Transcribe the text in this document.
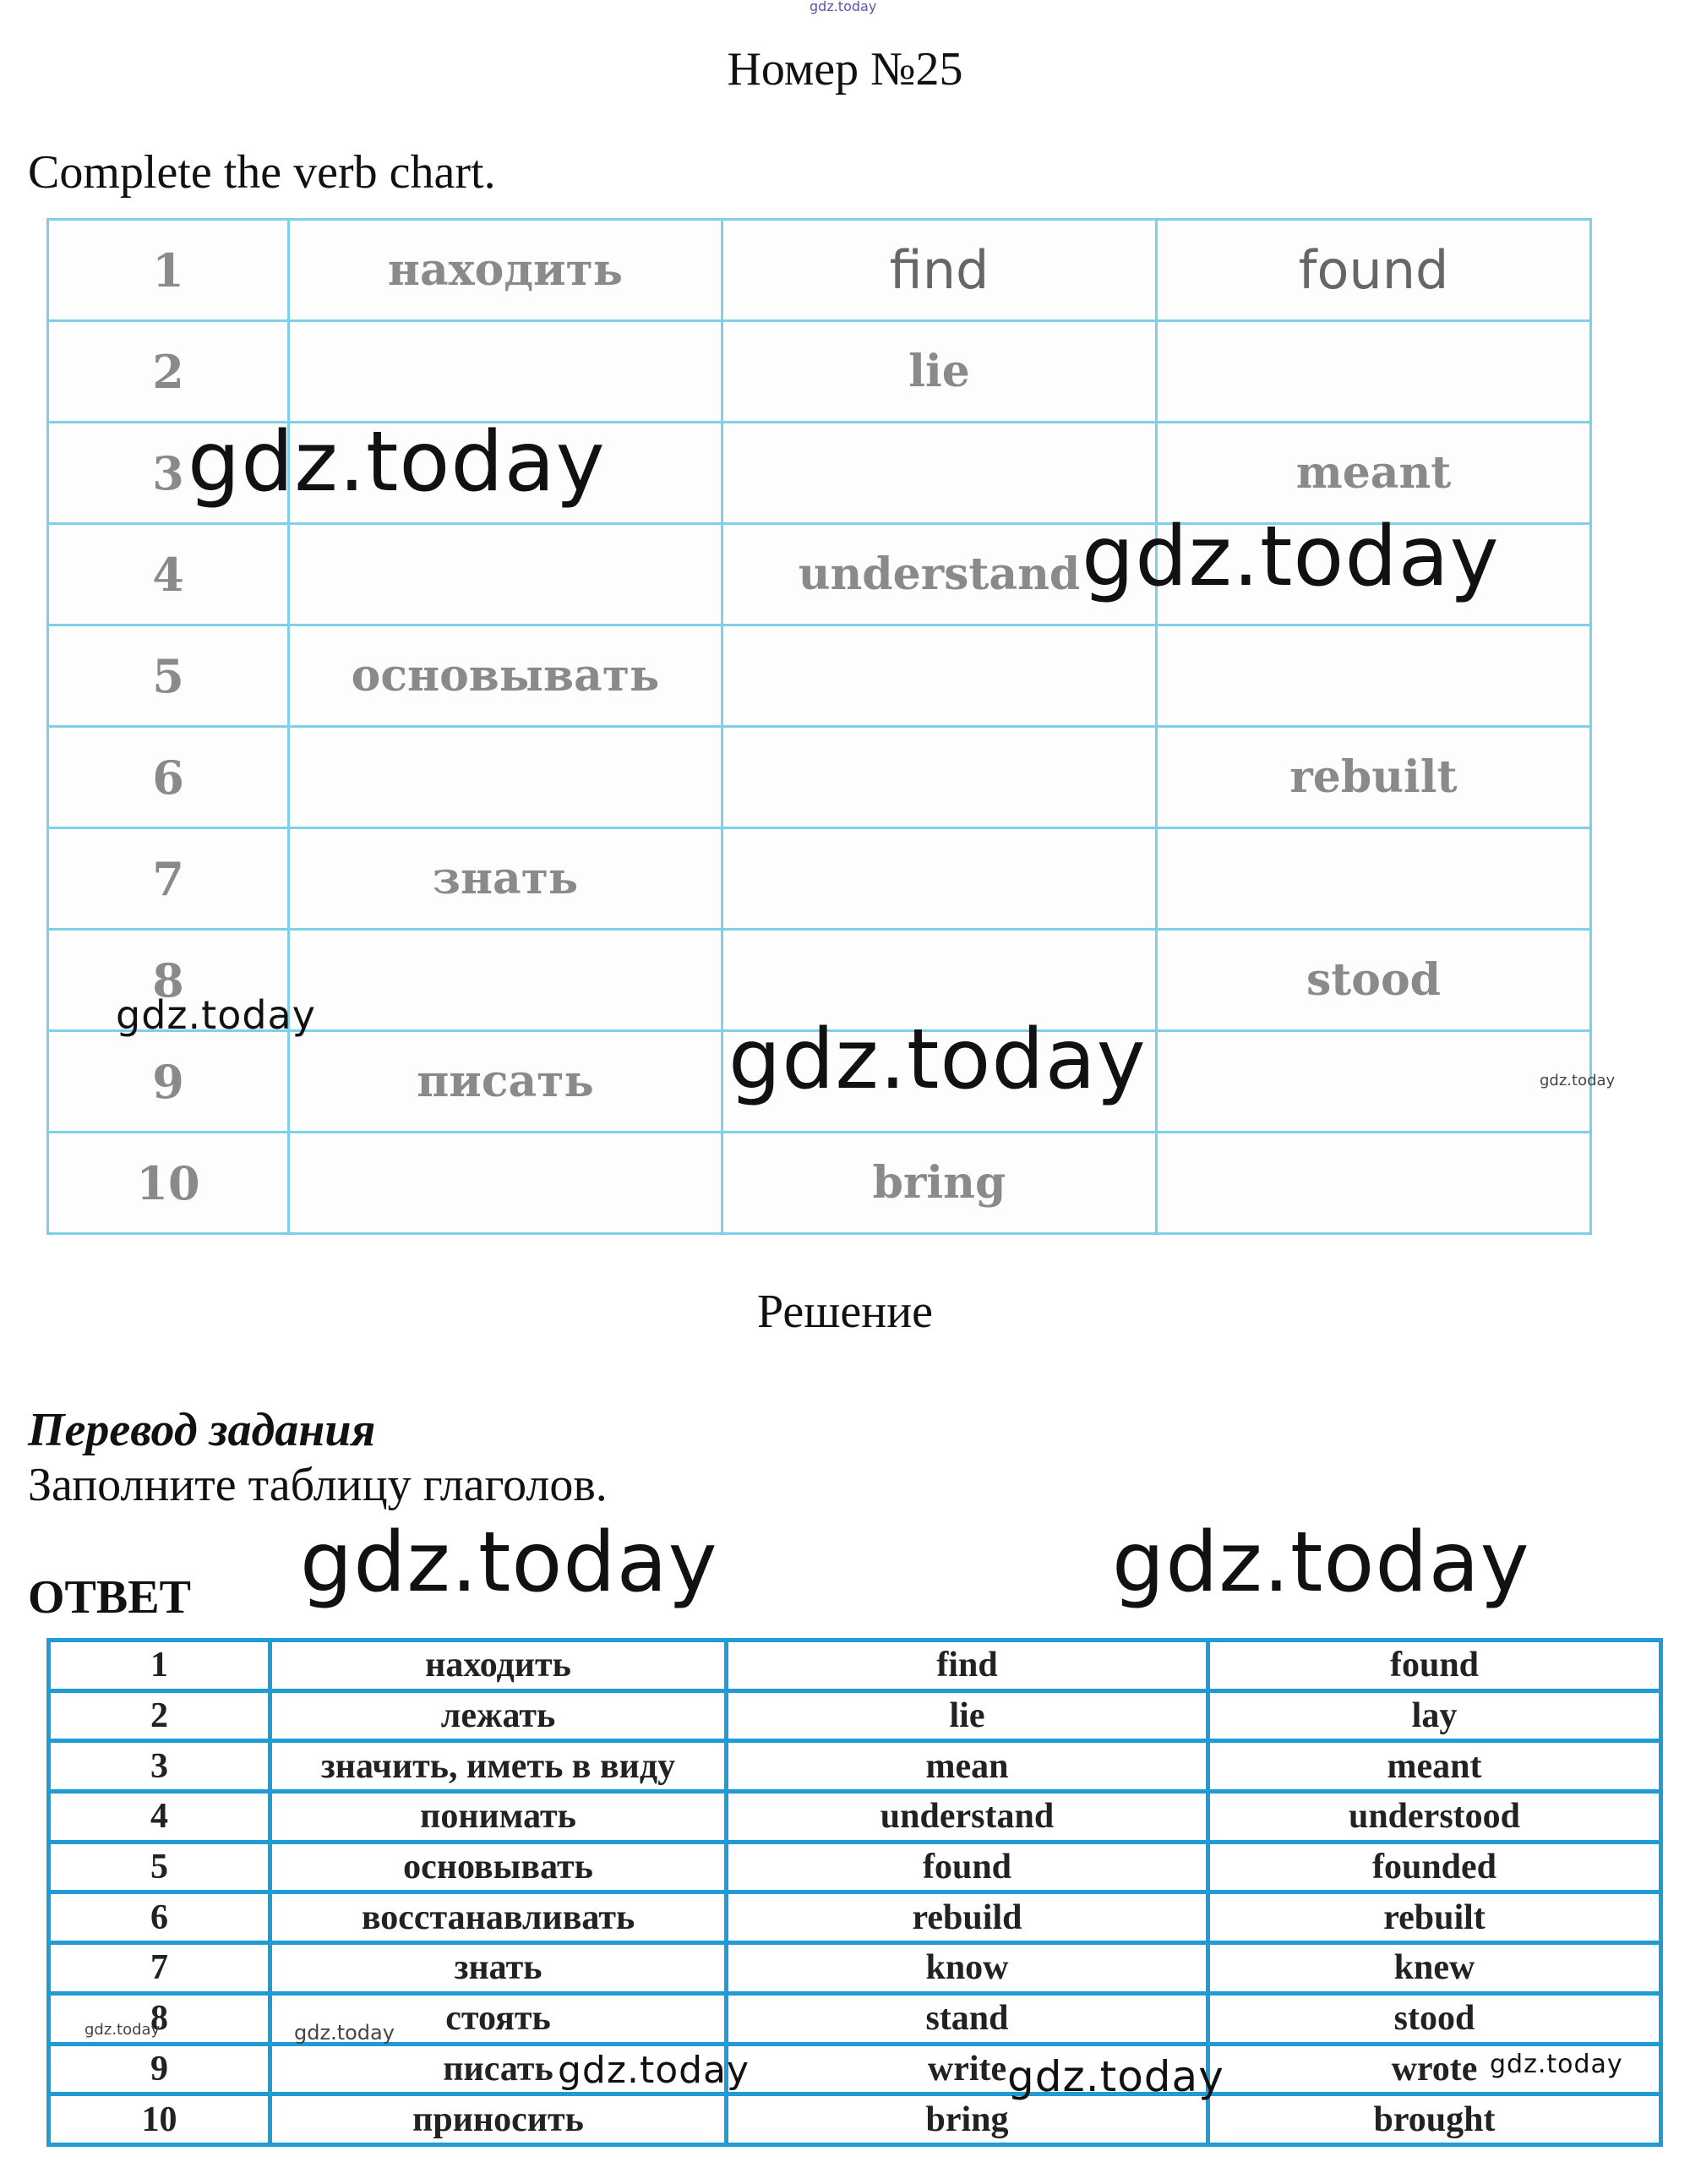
Номер №25
Complete the verb chart.
1	находить	find	found
2		lie	
3			meant
4		understand	
5	основывать		
6			rebuilt
7	знать		
8			stood
9	писать		
10		bring	
Решение
Перевод задания
Заполните таблицу глаголов.
ОТВЕТ
1	находить	find	found
2	лежать	lie	lay
3	значить, иметь в виду	mean	meant
4	понимать	understand	understood
5	основывать	found	founded
6	восстанавливать	rebuild	rebuilt
7	знать	know	knew
8	стоять	stand	stood
9	писать	write	wrote
10	приносить	bring	brought
gdz.today
gdz.today
gdz.today
gdz.today	gdz.today	gdz.today
gdz.today	gdz.today
gdz.today	gdz.today
gdz.today	gdz.today	gdz.today
